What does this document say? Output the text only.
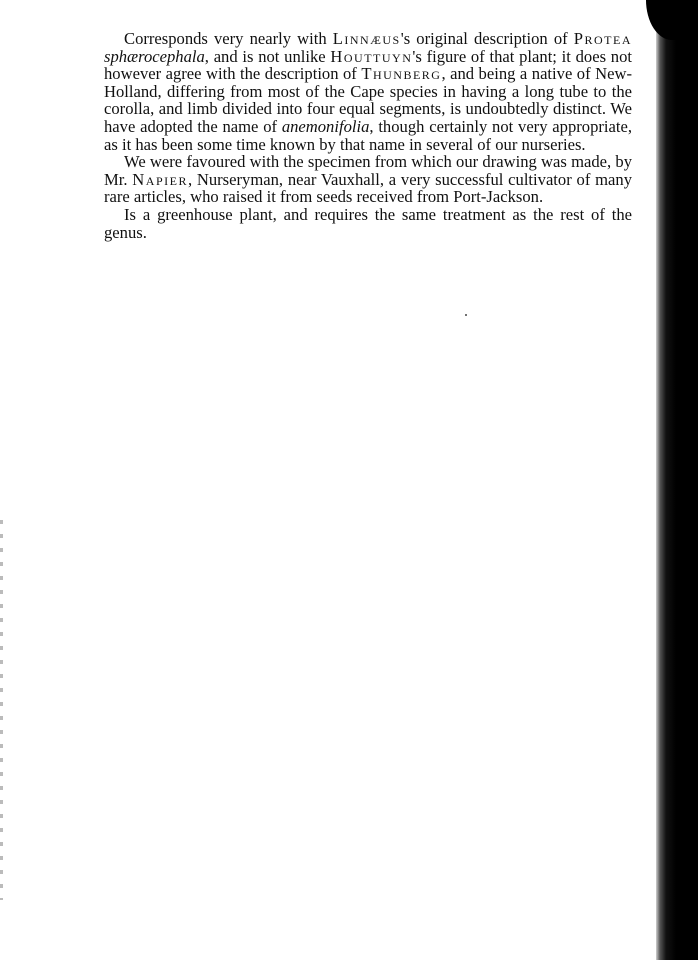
Corresponds very nearly with Linnæus's original description of Protea sphærocephala, and is not unlike Houttuyn's figure of that plant; it does not however agree with the description of Thunberg, and being a native of New-Holland, differing from most of the Cape species in having a long tube to the corolla, and limb divided into four equal segments, is undoubtedly distinct. We have adopted the name of anemonifolia, though certainly not very appropriate, as it has been some time known by that name in several of our nurseries.

We were favoured with the specimen from which our drawing was made, by Mr. Napier, Nurseryman, near Vauxhall, a very successful cultivator of many rare articles, who raised it from seeds received from Port-Jackson.

Is a greenhouse plant, and requires the same treatment as the rest of the genus.
